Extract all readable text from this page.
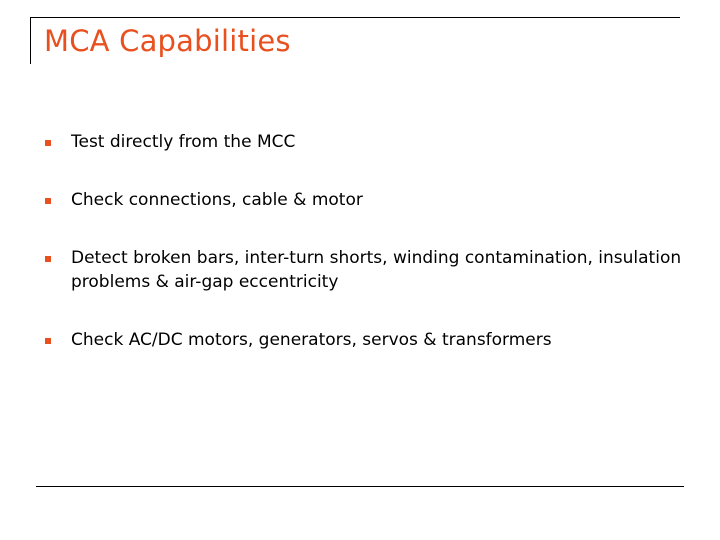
MCA Capabilities
Test directly from the MCC
Check connections, cable & motor
Detect broken bars, inter-turn shorts, winding contamination, insulation problems & air-gap eccentricity
Check AC/DC motors, generators, servos & transformers
